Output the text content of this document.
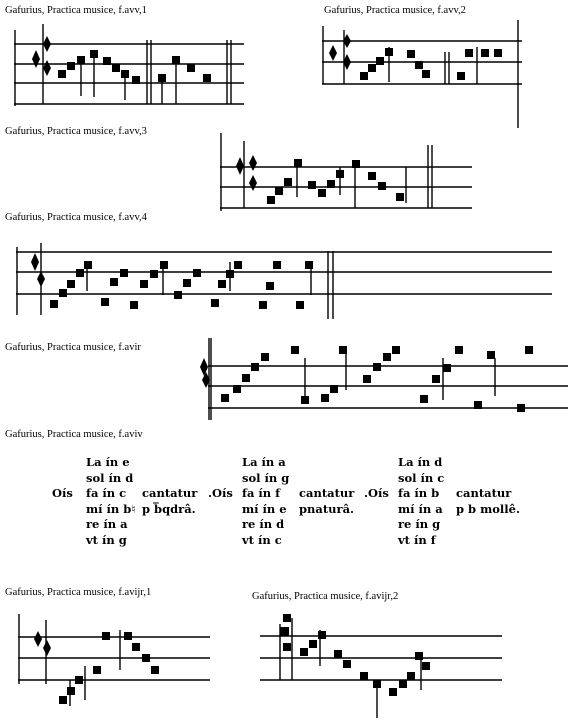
Gafurius, Practica musice, f.avv,1	Gafurius, Practica musice, f.avv,2
Gafurius, Practica musice, f.avv,3
Gafurius, Practica musice, f.avv,4
Gafurius, Practica musice, f.avir
Gafurius, Practica musice, f.aviv
Gafurius, Practica musice, f.avijr,1	Gafurius, Practica musice, f.avijr,2
La ín e
sol ín d
Oís fa ín c cantatur
mí ín b♮ p b̅qdrâ.
re ín a
vt ín g
La ín a
sol ín g
.Oís fa ín f cantatur
mí ín e pnaturâ.
re ín d
vt ín c
La ín d
sol ín c
.Oís fa ín b cantatur
mí ín a p b mollê.
re ín g
vt ín f
